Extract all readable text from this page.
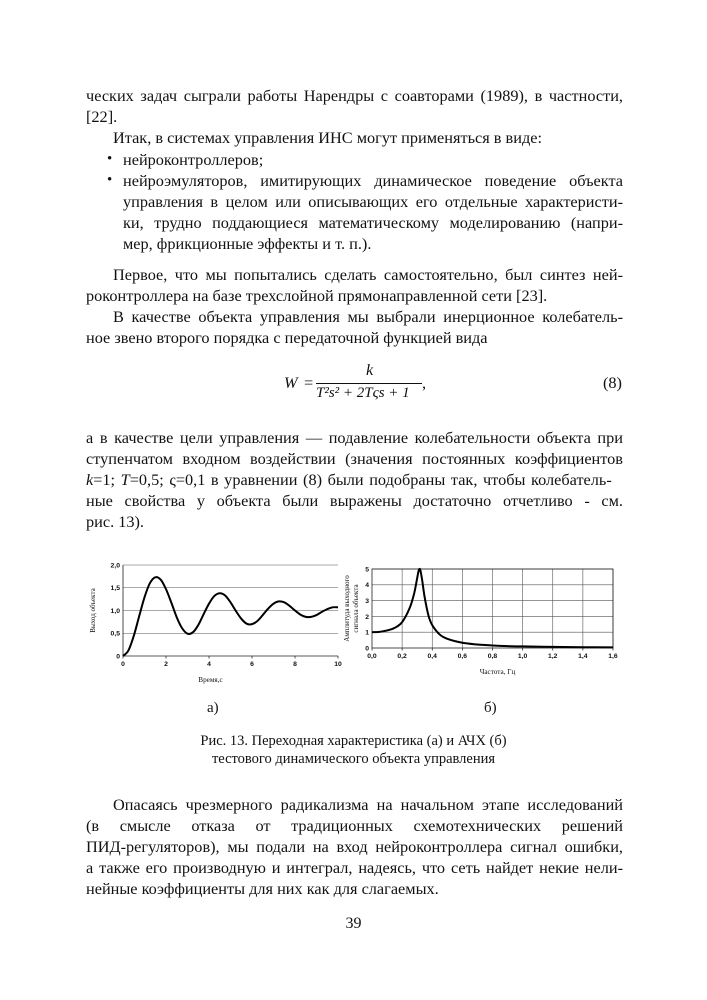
ческих задач сыграли работы Нарендры с соавторами (1989), в частности,
[22].
Итак, в системах управления ИНС могут применяться в виде:
• нейроконтроллеров;
• нейроэмуляторов, имитирующих динамическое поведение объекта
управления в целом или описывающих его отдельные характеристи-
ки, трудно поддающиеся математическому моделированию (напри-
мер, фрикционные эффекты и т. п.).
Первое, что мы попытались сделать самостоятельно, был синтез ней-
роконтроллера на базе трехслойной прямонаправленной сети [23].
В качестве объекта управления мы выбрали инерционное колебатель-
ное звено второго порядка с передаточной функцией вида
W =
k
T²s² + 2Tςs + 1
,	(8)
а в качестве цели управления — подавление колебательности объекта при
ступенчатом входном воздействии (значения постоянных коэффициентов
k=1; T=0,5; ς=0,1 в уравнении (8) были подобраны так, чтобы колебатель-
ные свойства у объекта были выражены достаточно отчетливо - см.
рис. 13).
0
0,5
1,0
1,5
2,0
0	2	4	6	8	10
Время,с
Выход объекта
0
1
2
3
4
5
0,0	0,2	0,4	0,6	0,8	1,0	1,2	1,4	1,6
Частота, Гц
Амплитуда выходного сигнала объекта
а)	б)
Рис. 13. Переходная характеристика (а) и АЧХ (б)
тестового динамического объекта управления
Опасаясь чрезмерного радикализма на начальном этапе исследований
(в смысле отказа от традиционных схемотехнических решений
ПИД-регуляторов), мы подали на вход нейроконтроллера сигнал ошибки,
а также его производную и интеграл, надеясь, что сеть найдет некие нели-
нейные коэффициенты для них как для слагаемых.
39
